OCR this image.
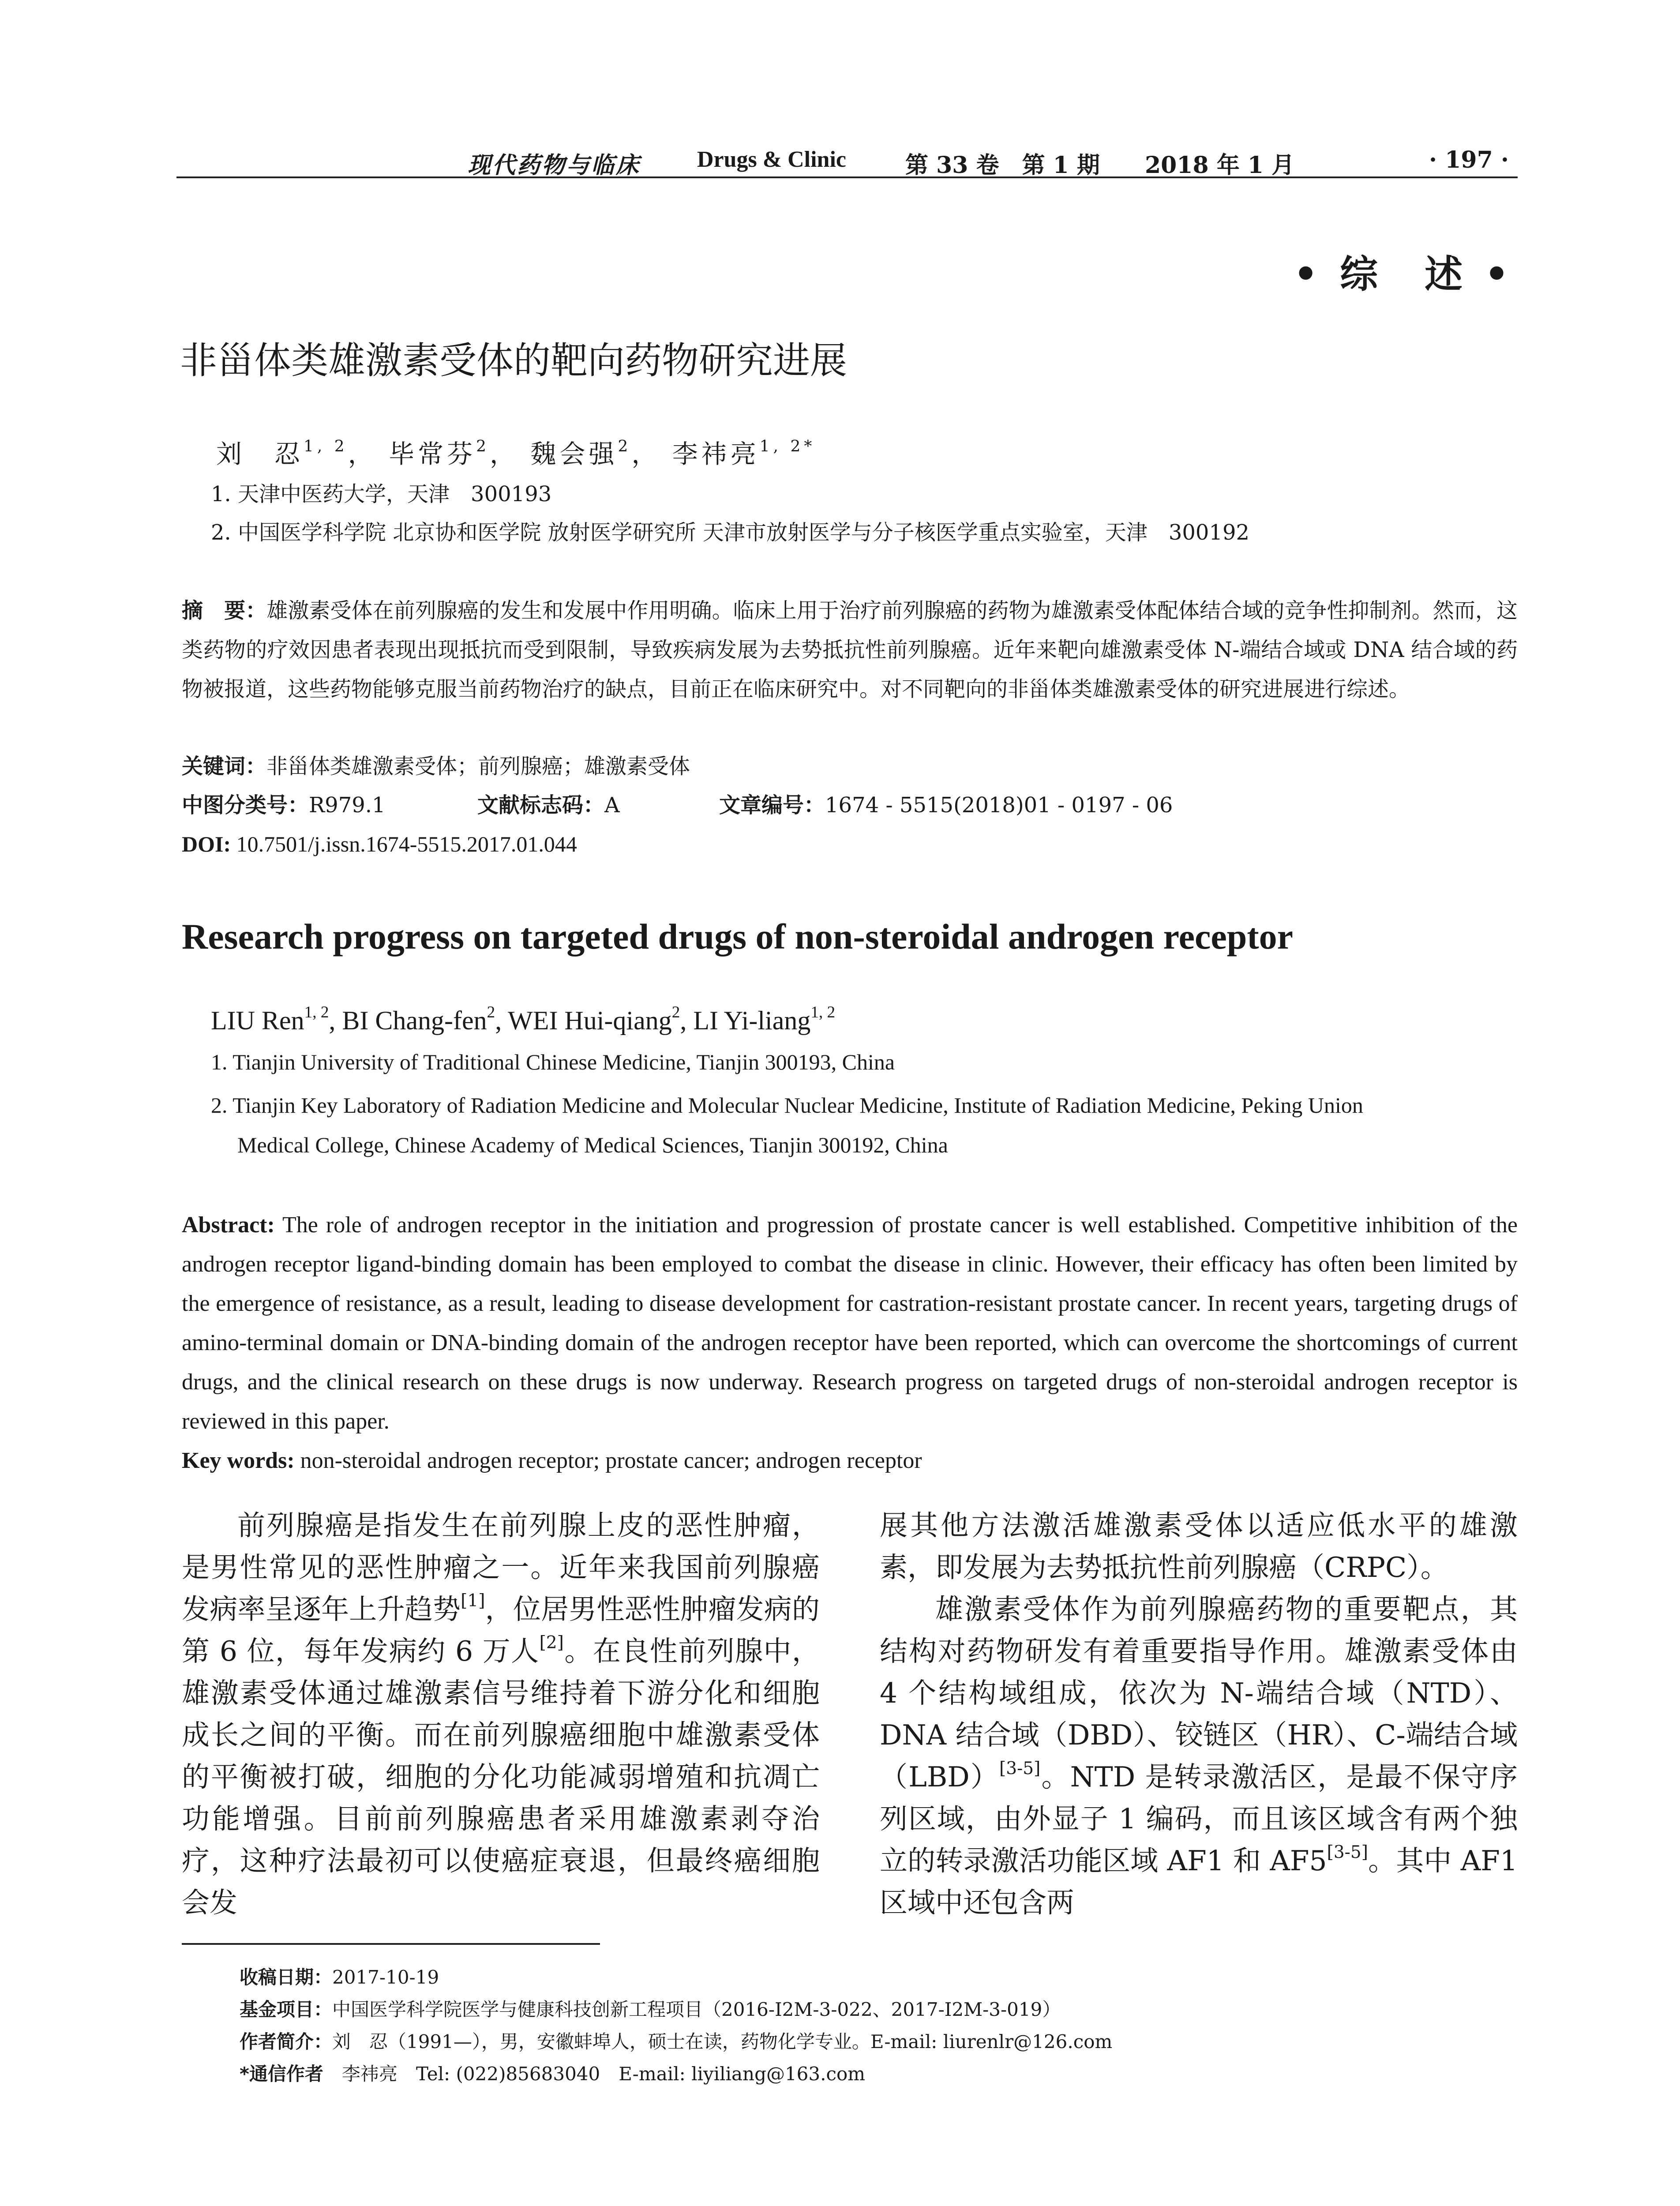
现代药物与临床 Drugs & Clinic	第 33 卷　第 1 期 2018 年 1 月	· 197 ·
• 综　述 •
非甾体类雄激素受体的靶向药物研究进展
刘　忍$^{1, 2}$， 毕常芬$^2$， 魏会强$^2$， 李祎亮$^{1, 2*}$
1. 天津中医药大学，天津　300193
2. 中国医学科学院 北京协和医学院 放射医学研究所 天津市放射医学与分子核医学重点实验室，天津　300192
摘　要：雄激素受体在前列腺癌的发生和发展中作用明确。临床上用于治疗前列腺癌的药物为雄激素受体配体结合域的竞争性抑制剂。然而，这类药物的疗效因患者表现出现抵抗而受到限制，导致疾病发展为去势抵抗性前列腺癌。近年来靶向雄激素受体 N-端结合域或 DNA 结合域的药物被报道，这些药物能够克服当前药物治疗的缺点，目前正在临床研究中。对不同靶向的非甾体类雄激素受体的研究进展进行综述。
关键词：非甾体类雄激素受体；前列腺癌；雄激素受体
中图分类号：R979.1	文献标志码：A	文章编号：1674 - 5515(2018)01 - 0197 - 06
DOI: 10.7501/j.issn.1674-5515.2017.01.044
Research progress on targeted drugs of non-steroidal androgen receptor
LIU Ren$^{1, 2}$, BI Chang-fen$^2$, WEI Hui-qiang$^2$, LI Yi-liang$^{1, 2}$
1. Tianjin University of Traditional Chinese Medicine, Tianjin 300193, China
2. Tianjin Key Laboratory of Radiation Medicine and Molecular Nuclear Medicine, Institute of Radiation Medicine, Peking Union
Medical College, Chinese Academy of Medical Sciences, Tianjin 300192, China
Abstract: The role of androgen receptor in the initiation and progression of prostate cancer is well established. Competitive inhibition of the androgen receptor ligand-binding domain has been employed to combat the disease in clinic. However, their efficacy has often been limited by the emergence of resistance, as a result, leading to disease development for castration-resistant prostate cancer. In recent years, targeting drugs of amino-terminal domain or DNA-binding domain of the androgen receptor have been reported, which can overcome the shortcomings of current drugs, and the clinical research on these drugs is now underway. Research progress on targeted drugs of non-steroidal androgen receptor is reviewed in this paper.
Key words: non-steroidal androgen receptor; prostate cancer; androgen receptor

前列腺癌是指发生在前列腺上皮的恶性肿瘤，是男性常见的恶性肿瘤之一。近年来我国前列腺癌发病率呈逐年上升趋势[1]，位居男性恶性肿瘤发病的第 6 位，每年发病约 6 万人[2]。在良性前列腺中，雄激素受体通过雄激素信号维持着下游分化和细胞成长之间的平衡。而在前列腺癌细胞中雄激素受体的平衡被打破，细胞的分化功能减弱增殖和抗凋亡功能增强。目前前列腺癌患者采用雄激素剥夺治疗，这种疗法最初可以使癌症衰退，但最终癌细胞会发

展其他方法激活雄激素受体以适应低水平的雄激素，即发展为去势抵抗性前列腺癌（CRPC）。

雄激素受体作为前列腺癌药物的重要靶点，其结构对药物研发有着重要指导作用。雄激素受体由 4 个结构域组成，依次为 N-端结合域（NTD）、DNA 结合域（DBD）、铰链区（HR）、C-端结合域（LBD）[3-5]。NTD 是转录激活区，是最不保守序列区域，由外显子 1 编码，而且该区域含有两个独立的转录激活功能区域 AF1 和 AF5[3-5]。其中 AF1 区域中还包含两

收稿日期：2017-10-19
基金项目：中国医学科学院医学与健康科技创新工程项目（2016-I2M-3-022、2017-I2M-3-019）
作者简介：刘　忍（1991—），男，安徽蚌埠人，硕士在读，药物化学专业。E-mail: liurenlr@126.com
*通信作者　 李祎亮　Tel: (022)85683040　E-mail: liyiliang@163.com
